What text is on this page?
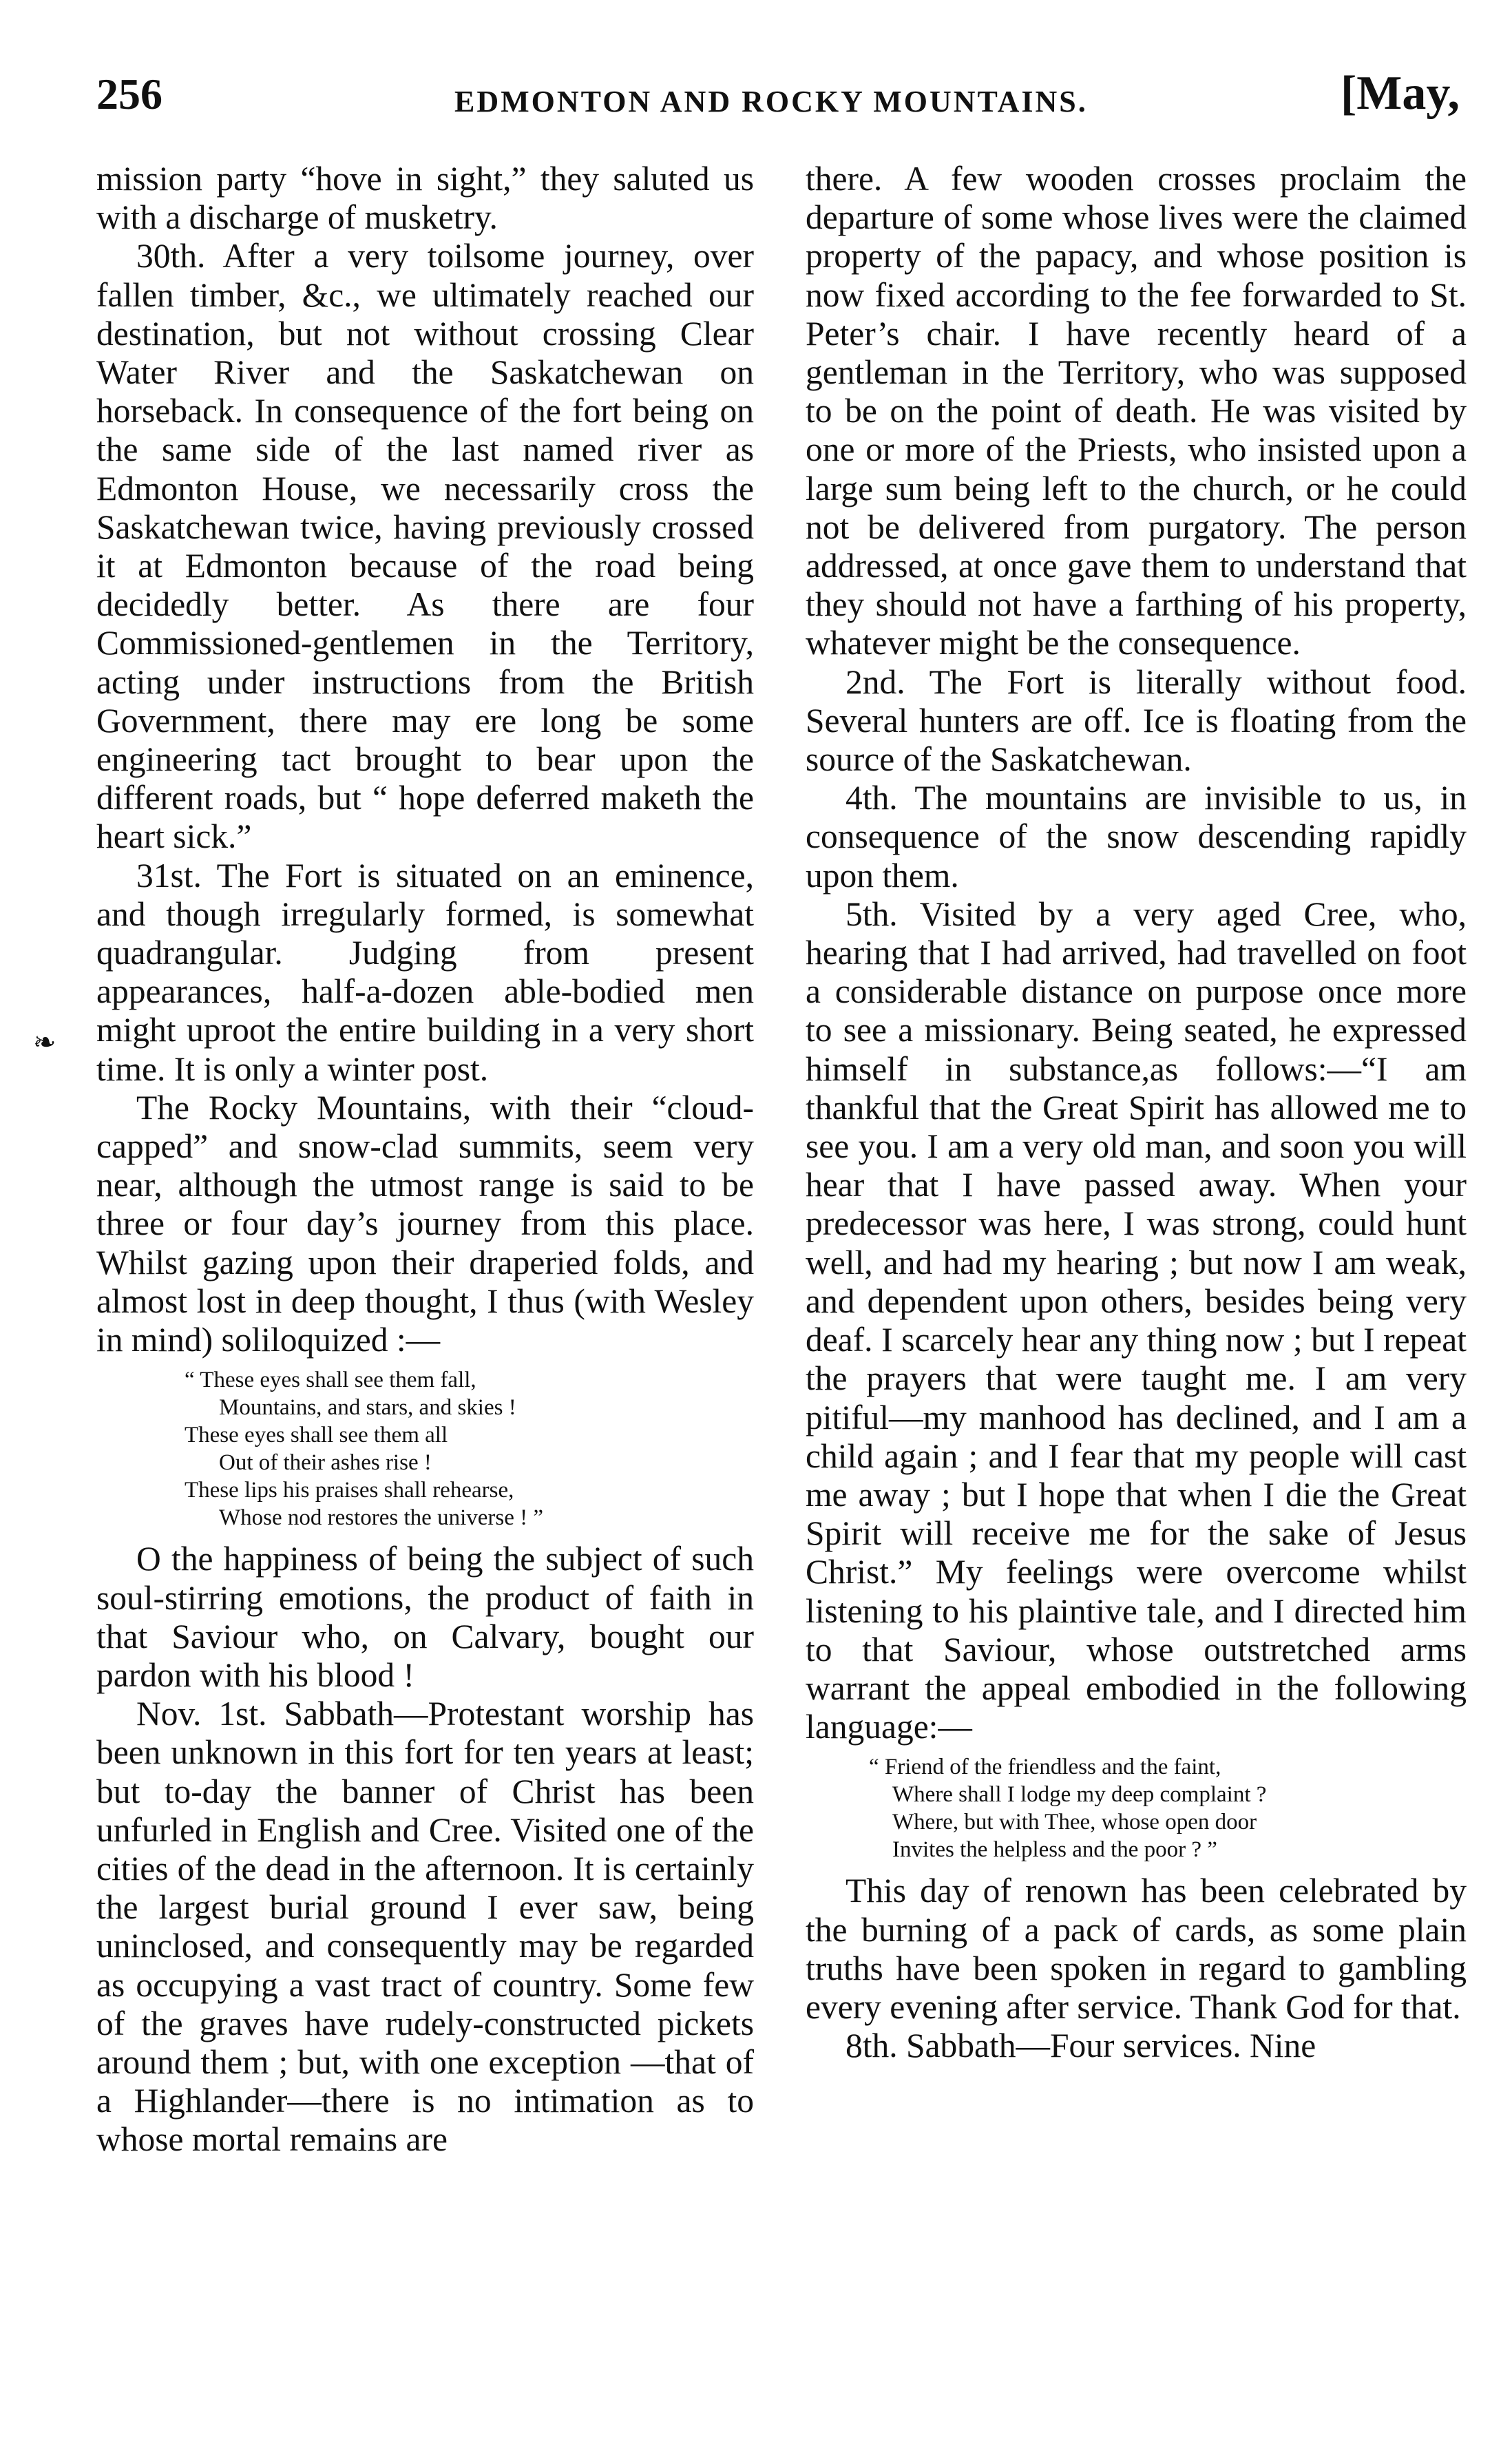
256	EDMONTON AND ROCKY MOUNTAINS.	[May,
❧

mission party “hove in sight,” they saluted us with a discharge of musketry.

30th. After a very toilsome journey, over fallen timber, &c., we ultimately reached our destination, but not without crossing Clear Water River and the Saskatchewan on horseback. In consequence of the fort being on the same side of the last named river as Edmonton House, we necessarily cross the Saskatchewan twice, having previously crossed it at Edmonton because of the road being decidedly better. As there are four Commissioned-gentlemen in the Territory, acting under instructions from the British Government, there may ere long be some engineering tact brought to bear upon the different roads, but “ hope deferred maketh the heart sick.”

31st. The Fort is situated on an eminence, and though irregularly formed, is somewhat quadrangular. Judging from present appearances, half-a-dozen able-bodied men might uproot the entire building in a very short time. It is only a winter post.

The Rocky Mountains, with their “cloud-capped” and snow-clad summits, seem very near, although the utmost range is said to be three or four day’s journey from this place. Whilst gazing upon their draperied folds, and almost lost in deep thought, I thus (with Wesley in mind) soliloquized :—

“ These eyes shall see them fall,
Mountains, and stars, and skies !
These eyes shall see them all
Out of their ashes rise !
These lips his praises shall rehearse,
Whose nod restores the universe ! ”

O the happiness of being the subject of such soul-stirring emotions, the product of faith in that Saviour who, on Calvary, bought our pardon with his blood !

Nov. 1st. Sabbath—Protestant worship has been unknown in this fort for ten years at least; but to-day the banner of Christ has been unfurled in English and Cree. Visited one of the cities of the dead in the afternoon. It is certainly the largest burial ground I ever saw, being uninclosed, and consequently may be regarded as occupying a vast tract of country. Some few of the graves have rudely-constructed pickets around them ; but, with one exception —that of a Highlander—there is no intimation as to whose mortal remains are

there. A few wooden crosses proclaim the departure of some whose lives were the claimed property of the papacy, and whose position is now fixed according to the fee forwarded to St. Peter’s chair. I have recently heard of a gentleman in the Territory, who was supposed to be on the point of death. He was visited by one or more of the Priests, who insisted upon a large sum being left to the church, or he could not be delivered from purgatory. The person addressed, at once gave them to understand that they should not have a farthing of his property, whatever might be the consequence.

2nd. The Fort is literally without food. Several hunters are off. Ice is floating from the source of the Saskatchewan.

4th. The mountains are invisible to us, in consequence of the snow descending rapidly upon them.

5th. Visited by a very aged Cree, who, hearing that I had arrived, had travelled on foot a considerable distance on purpose once more to see a missionary. Being seated, he expressed himself in substance,as follows:—“I am thankful that the Great Spirit has allowed me to see you. I am a very old man, and soon you will hear that I have passed away. When your predecessor was here, I was strong, could hunt well, and had my hearing ; but now I am weak, and dependent upon others, besides being very deaf. I scarcely hear any thing now ; but I repeat the prayers that were taught me. I am very pitiful—my manhood has declined, and I am a child again ; and I fear that my people will cast me away ; but I hope that when I die the Great Spirit will receive me for the sake of Jesus Christ.” My feelings were overcome whilst listening to his plaintive tale, and I directed him to that Saviour, whose outstretched arms warrant the appeal embodied in the following language:—

“ Friend of the friendless and the faint,
Where shall I lodge my deep complaint ?
Where, but with Thee, whose open door
Invites the helpless and the poor ? ”

This day of renown has been celebrated by the burning of a pack of cards, as some plain truths have been spoken in regard to gambling every evening after service. Thank God for that.

8th. Sabbath—Four services. Nine
